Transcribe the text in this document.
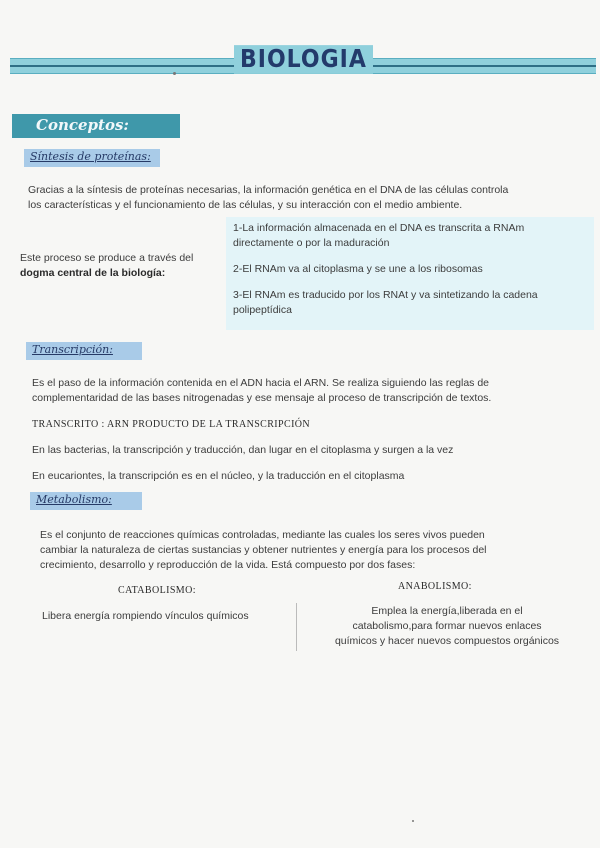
BIOLOGIA
Conceptos:
Síntesis de proteínas:
Gracias a la síntesis de proteínas necesarias, la información genética en el DNA de las células controla
los características y el funcionamiento de las células, y su interacción con el medio ambiente.
Este proceso se produce a través del
dogma central de la biología:
1-La información almacenada en el DNA es transcrita a RNAm
directamente o por la maduración
2-El RNAm va al citoplasma y se une a los ribosomas
3-El RNAm es traducido por los RNAt y va sintetizando la cadena
polipeptídica
Transcripción:
Es el paso de la información contenida en el ADN hacia el ARN. Se realiza siguiendo las reglas de
complementaridad de las bases nitrogenadas y ese mensaje al proceso de transcripción de textos.
TRANSCRITO : ARN PRODUCTO DE LA TRANSCRIPCIÓN
En las bacterias, la transcripción y traducción, dan lugar en el citoplasma y surgen a la vez
En eucariontes, la transcripción es en el núcleo, y la traducción en el citoplasma
Metabolismo:
Es el conjunto de reacciones químicas controladas, mediante las cuales los seres vivos pueden
cambiar la naturaleza de ciertas sustancias y obtener nutrientes y energía para los procesos del
crecimiento, desarrollo y reproducción de la vida. Está compuesto por dos fases:
CATABOLISMO:
Libera energía rompiendo vínculos químicos
ANABOLISMO:
Emplea la energía,liberada en el
catabolismo,para formar nuevos enlaces
químicos y hacer nuevos compuestos orgánicos
